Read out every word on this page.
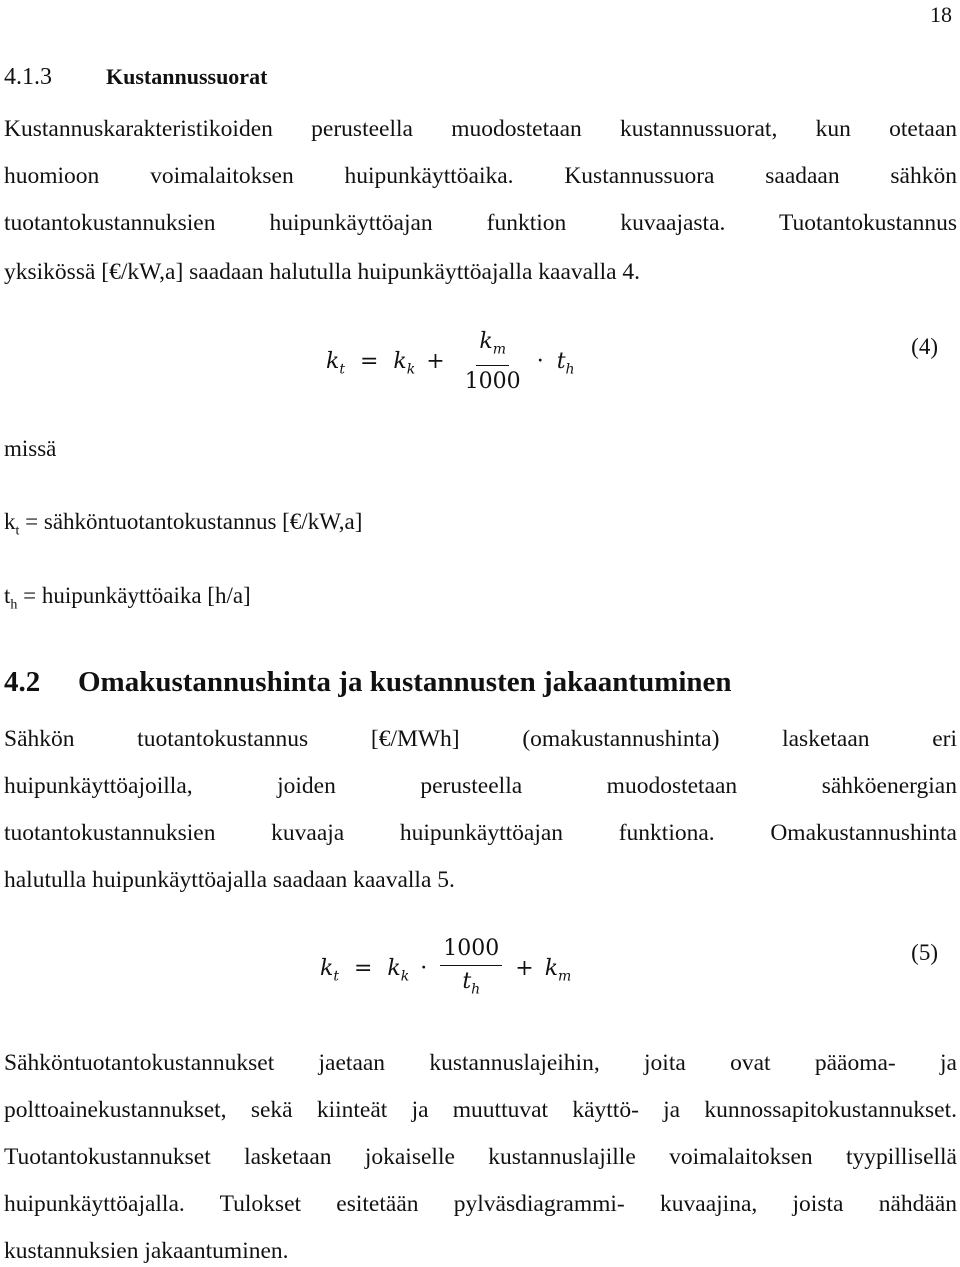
18
4.1.3 Kustannussuorat
Kustannuskarakteristikoiden perusteella muodostetaan kustannussuorat, kun otetaan
huomioon voimalaitoksen huipunkäyttöaika. Kustannussuora saadaan sähkön
tuotantokustannuksien huipunkäyttöajan funktion kuvaajasta. Tuotantokustannus
yksikössä [€/kW,a] saadaan halutulla huipunkäyttöajalla kaavalla 4.
$k_t = k_k + \frac{k_m}{1000} \cdot t_h$
(4)
missä
$k_t$ = sähköntuotantokustannus [€/kW,a]
$t_h$ = huipunkäyttöaika [h/a]
4.2 Omakustannushinta ja kustannusten jakaantuminen
Sähkön tuotantokustannus [€/MWh] (omakustannushinta) lasketaan eri
huipunkäyttöajoilla, joiden perusteella muodostetaan sähköenergian
tuotantokustannuksien kuvaaja huipunkäyttöajan funktiona. Omakustannushinta
halutulla huipunkäyttöajalla saadaan kaavalla 5.
$k_t = k_k \cdot \frac{1000}{t_h} + k_m$
(5)
Sähköntuotantokustannukset jaetaan kustannuslajeihin, joita ovat pääoma- ja
polttoainekustannukset, sekä kiinteät ja muuttuvat käyttö- ja kunnossapitokustannukset.
Tuotantokustannukset lasketaan jokaiselle kustannuslajille voimalaitoksen tyypillisellä
huipunkäyttöajalla. Tulokset esitetään pylväsdiagrammi- kuvaajina, joista nähdään
kustannuksien jakaantuminen.
